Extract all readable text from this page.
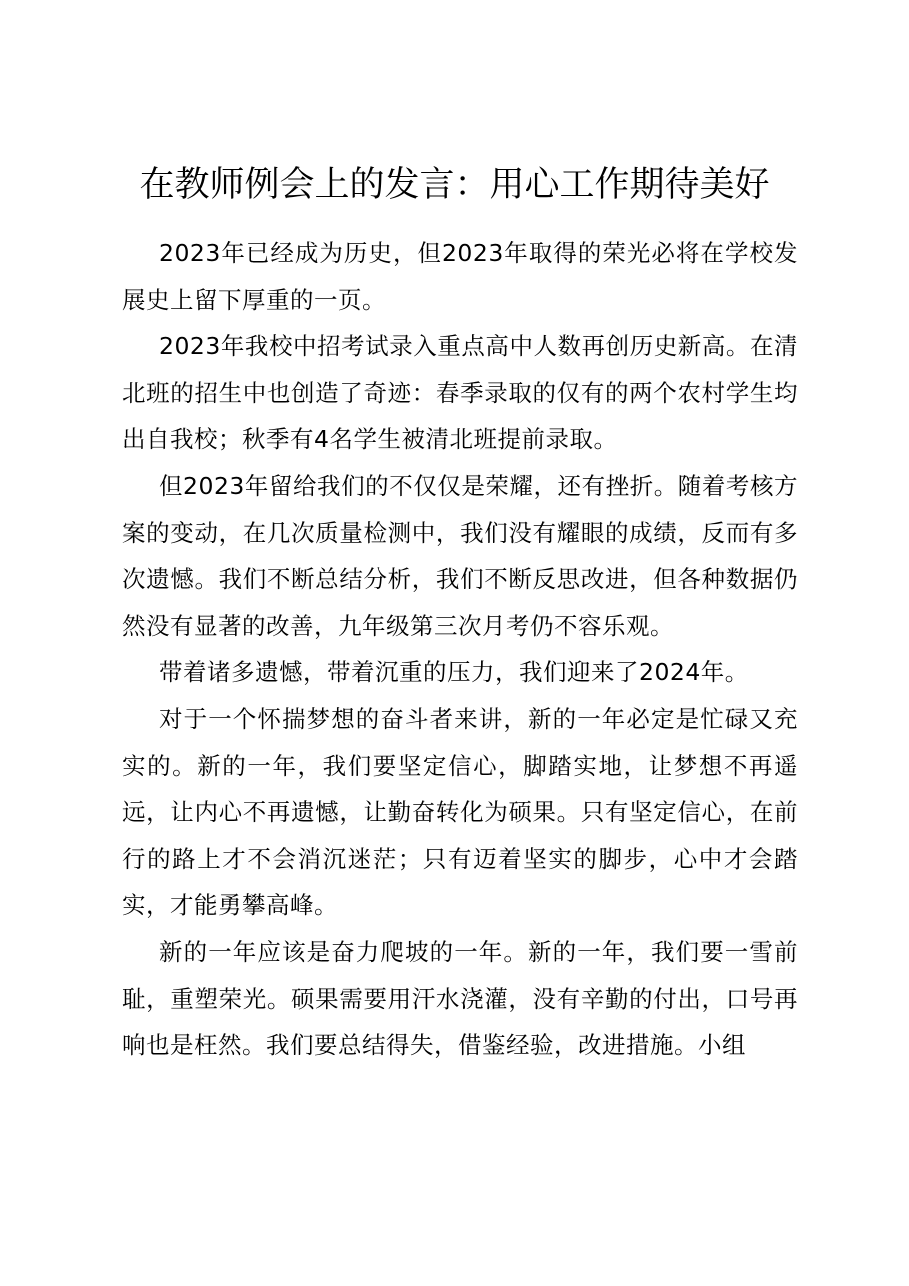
在教师例会上的发言：用心工作期待美好

2023年已经成为历史，但2023年取得的荣光必将在学校发展史上留下厚重的一页。

2023年我校中招考试录入重点高中人数再创历史新高。在清北班的招生中也创造了奇迹：春季录取的仅有的两个农村学生均出自我校；秋季有4名学生被清北班提前录取。

但2023年留给我们的不仅仅是荣耀，还有挫折。随着考核方案的变动，在几次质量检测中，我们没有耀眼的成绩，反而有多次遗憾。我们不断总结分析，我们不断反思改进，但各种数据仍然没有显著的改善，九年级第三次月考仍不容乐观。

带着诸多遗憾，带着沉重的压力，我们迎来了2024年。

对于一个怀揣梦想的奋斗者来讲，新的一年必定是忙碌又充实的。新的一年，我们要坚定信心，脚踏实地，让梦想不再遥远，让内心不再遗憾，让勤奋转化为硕果。只有坚定信心，在前行的路上才不会消沉迷茫；只有迈着坚实的脚步，心中才会踏实，才能勇攀高峰。

新的一年应该是奋力爬坡的一年。新的一年，我们要一雪前耻，重塑荣光。硕果需要用汗水浇灌，没有辛勤的付出，口号再响也是枉然。我们要总结得失，借鉴经验，改进措施。小组
